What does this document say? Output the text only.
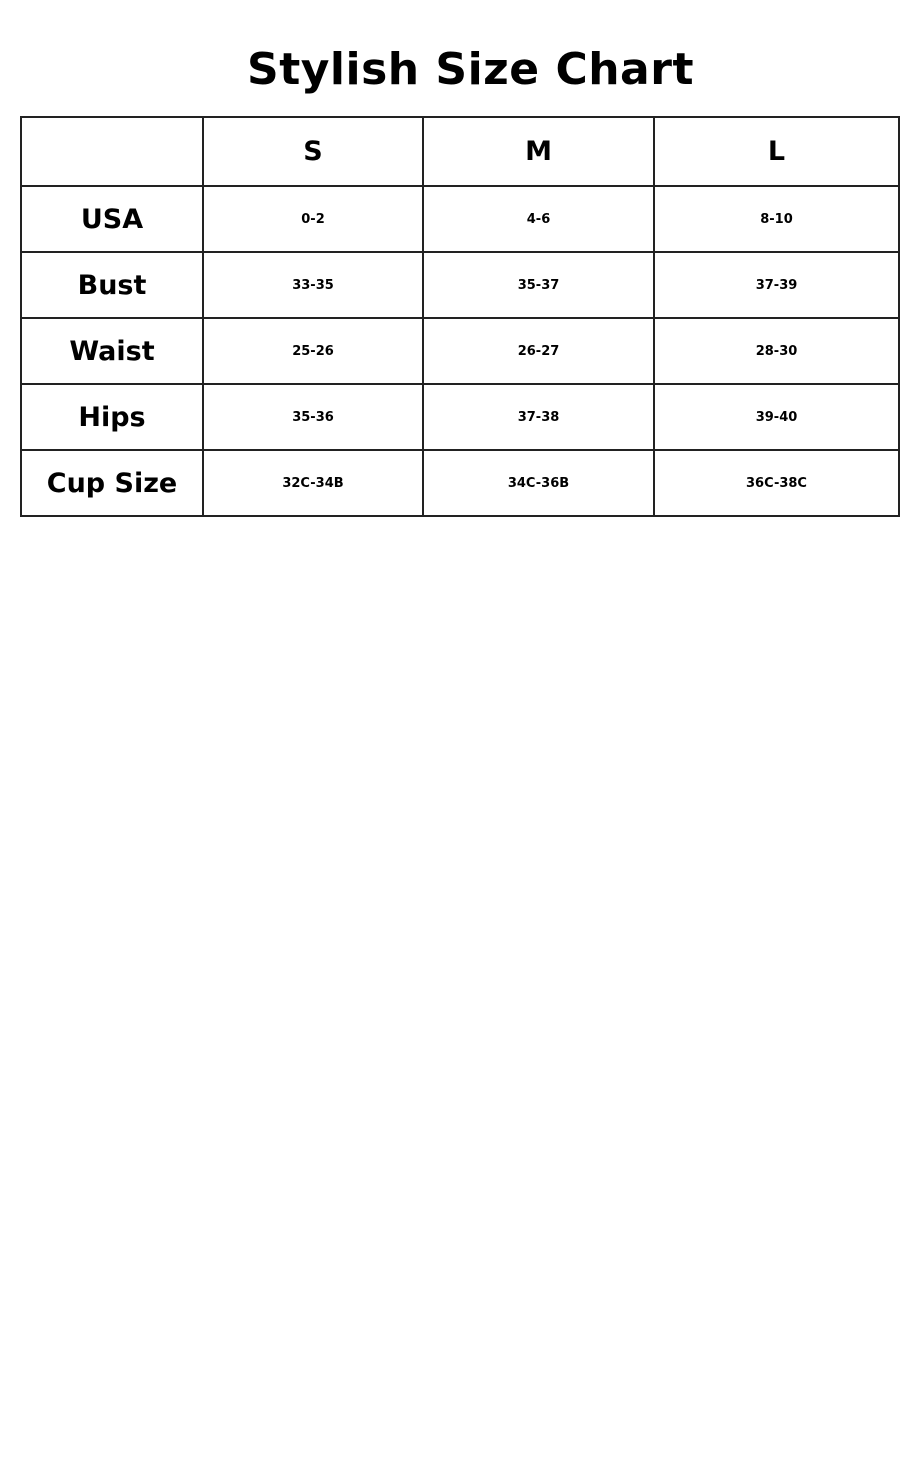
Stylish Size Chart
	S	M	L
USA	0-2	4-6	8-10
Bust	33-35	35-37	37-39
Waist	25-26	26-27	28-30
Hips	35-36	37-38	39-40
Cup Size	32C-34B	34C-36B	36C-38C
